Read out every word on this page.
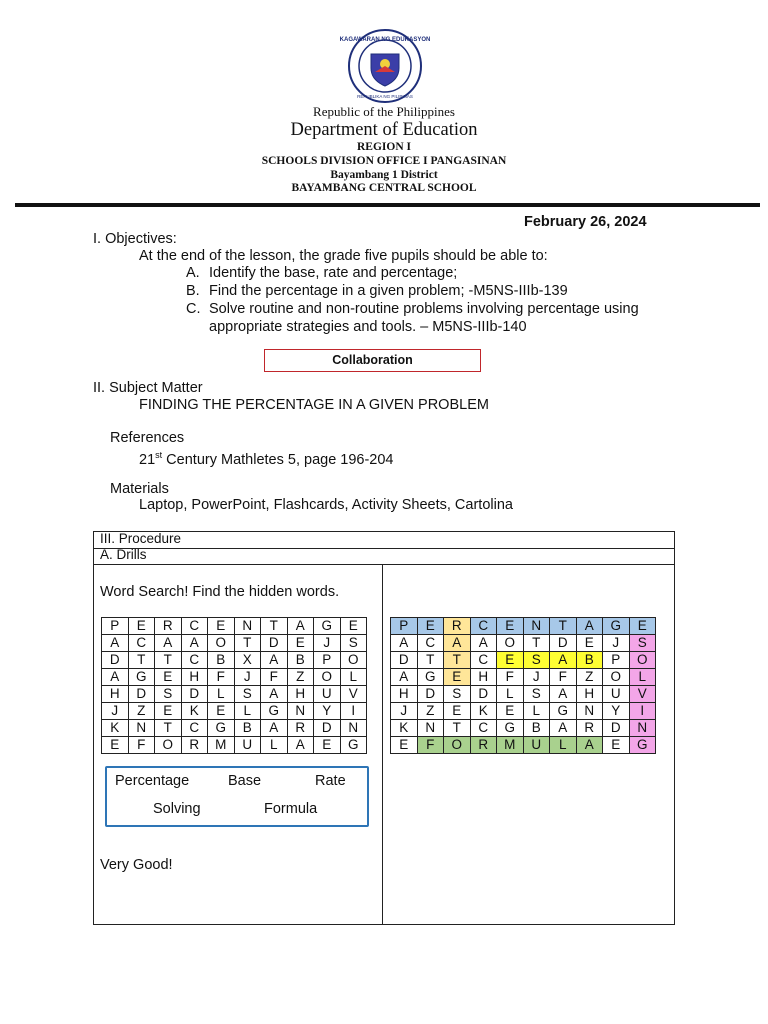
KAGAWARAN NG EDUKASYON
REPUBLIKA NG PILIPINAS
Republic of the Philippines
Department of Education
REGION I
SCHOOLS DIVISION OFFICE I PANGASINAN
Bayambang 1 District
BAYAMBANG CENTRAL SCHOOL
February 26, 2024
I. Objectives:
At the end of the lesson, the grade five pupils should be able to:
A. Identify the base, rate and percentage;
B. Find the percentage in a given problem; -M5NS-IIIb-139
C. Solve routine and non-routine problems involving percentage using
appropriate strategies and tools. – M5NS-IIIb-140
Collaboration
II. Subject Matter
FINDING THE PERCENTAGE IN A GIVEN PROBLEM
References
21st Century Mathletes 5, page 196-204
Materials
Laptop, PowerPoint, Flashcards, Activity Sheets, Cartolina
III. Procedure
A. Drills
Word Search! Find the hidden words.
P	E	R	C	E	N	T	A	G	E
A	C	A	A	O	T	D	E	J	S
D	T	T	C	B	X	A	B	P	O
A	G	E	H	F	J	F	Z	O	L
H	D	S	D	L	S	A	H	U	V
J	Z	E	K	E	L	G	N	Y	I
K	N	T	C	G	B	A	R	D	N
E	F	O	R	M	U	L	A	E	G
P	E	R	C	E	N	T	A	G	E
A	C	A	A	O	T	D	E	J	S
D	T	T	C	E	S	A	B	P	O
A	G	E	H	F	J	F	Z	O	L
H	D	S	D	L	S	A	H	U	V
J	Z	E	K	E	L	G	N	Y	I
K	N	T	C	G	B	A	R	D	N
E	F	O	R	M	U	L	A	E	G
Percentage	Base	Rate
Solving	Formula
Very Good!
